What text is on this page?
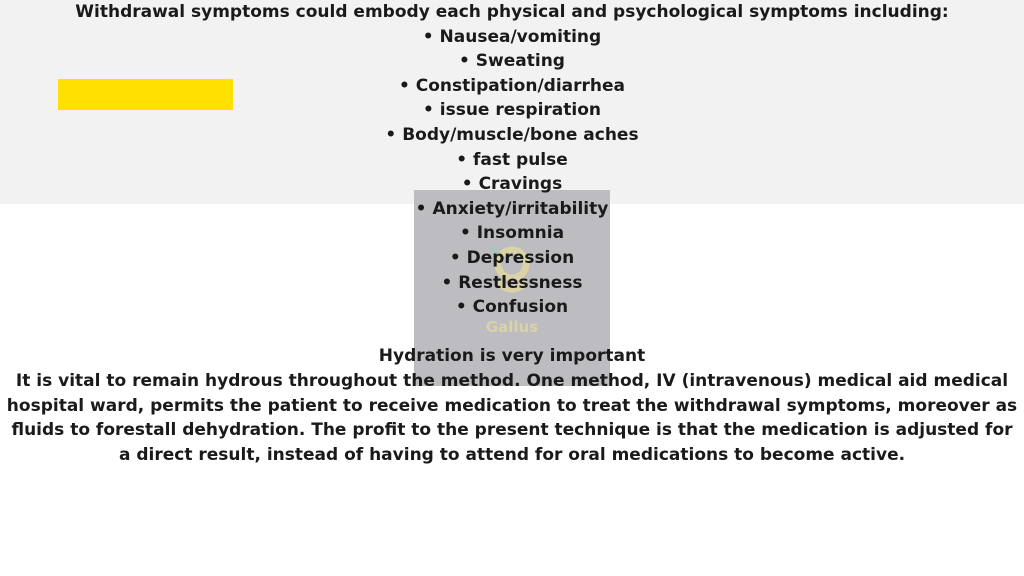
Gallus

Withdrawal symptoms could embody each physical and psychological symptoms including:

• Nausea/vomiting

• Sweating

• Constipation/diarrhea

• issue respiration

• Body/muscle/bone aches

• fast pulse

• Cravings

• Anxiety/irritability

• Insomnia

• Depression

• Restlessness

• Confusion

Hydration is very important

It is vital to remain hydrous throughout the method. One method, IV (intravenous) medical aid medical hospital ward, permits the patient to receive medication to treat the withdrawal symptoms, moreover as fluids to forestall dehydration. The profit to the present technique is that the medication is adjusted for a direct result, instead of having to attend for oral medications to become active.
